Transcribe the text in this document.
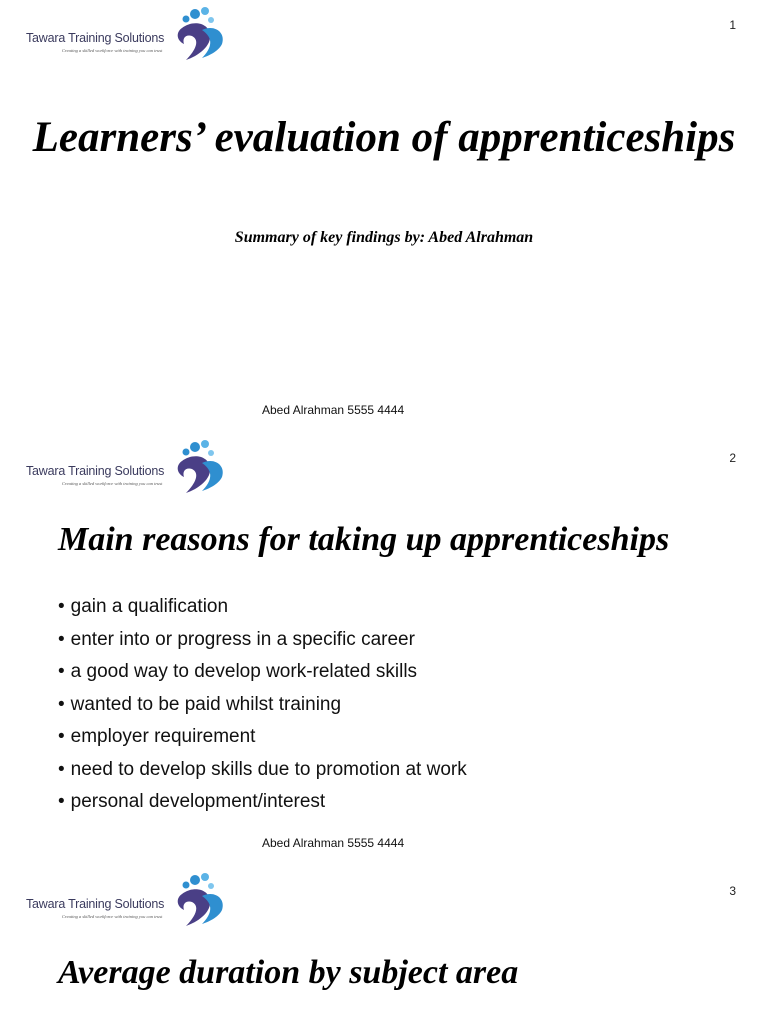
Tawara Training Solutions
Creating a skilled workforce with training you can trust
1
Learners’ evaluation of apprenticeships
Summary of key findings by: Abed Alrahman
Abed Alrahman 5555 4444
Tawara Training Solutions
Creating a skilled workforce with training you can trust
2
Main reasons for taking up apprenticeships
• gain a qualification
• enter into or progress in a specific career
• a good way to develop work-related skills
• wanted to be paid whilst training
• employer requirement
• need to develop skills due to promotion at work
• personal development/interest
Abed Alrahman 5555 4444
Tawara Training Solutions
Creating a skilled workforce with training you can trust
3
Average duration by subject area
